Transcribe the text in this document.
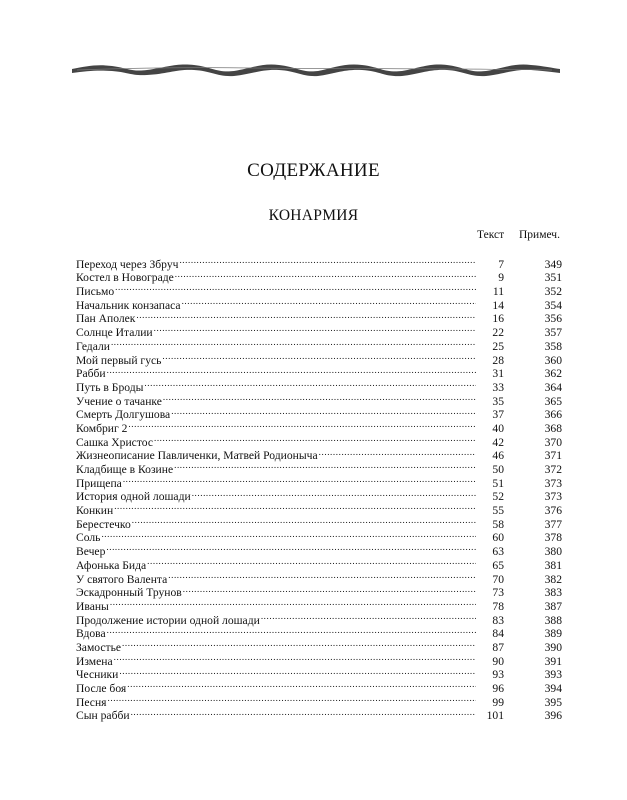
СОДЕРЖАНИЕ
КОНАРМИЯ
Текст Примеч.
Переход через Збруч .....	7	349
Костел в Новограде .....	9	351
Письмо .....	11	352
Начальник конзапаса .....	14	354
Пан Аполек .....	16	356
Солнце Италии .....	22	357
Гедали .....	25	358
Мой первый гусь .....	28	360
Рабби .....	31	362
Путь в Броды .....	33	364
Учение о тачанке .....	35	365
Смерть Долгушова .....	37	366
Комбриг 2 .....	40	368
Сашка Христос .....	42	370
Жизнеописание Павличенки, Матвей Родионыча .....	46	371
Кладбище в Козине .....	50	372
Прищепа .....	51	373
История одной лошади .....	52	373
Конкин .....	55	376
Берестечко .....	58	377
Соль .....	60	378
Вечер .....	63	380
Афонька Бида .....	65	381
У святого Валента .....	70	382
Эскадронный Трунов .....	73	383
Иваны .....	78	387
Продолжение истории одной лошади .....	83	388
Вдова .....	84	389
Замостье .....	87	390
Измена .....	90	391
Чесники .....	93	393
После боя .....	96	394
Песня .....	99	395
Сын рабби .....	101	396
